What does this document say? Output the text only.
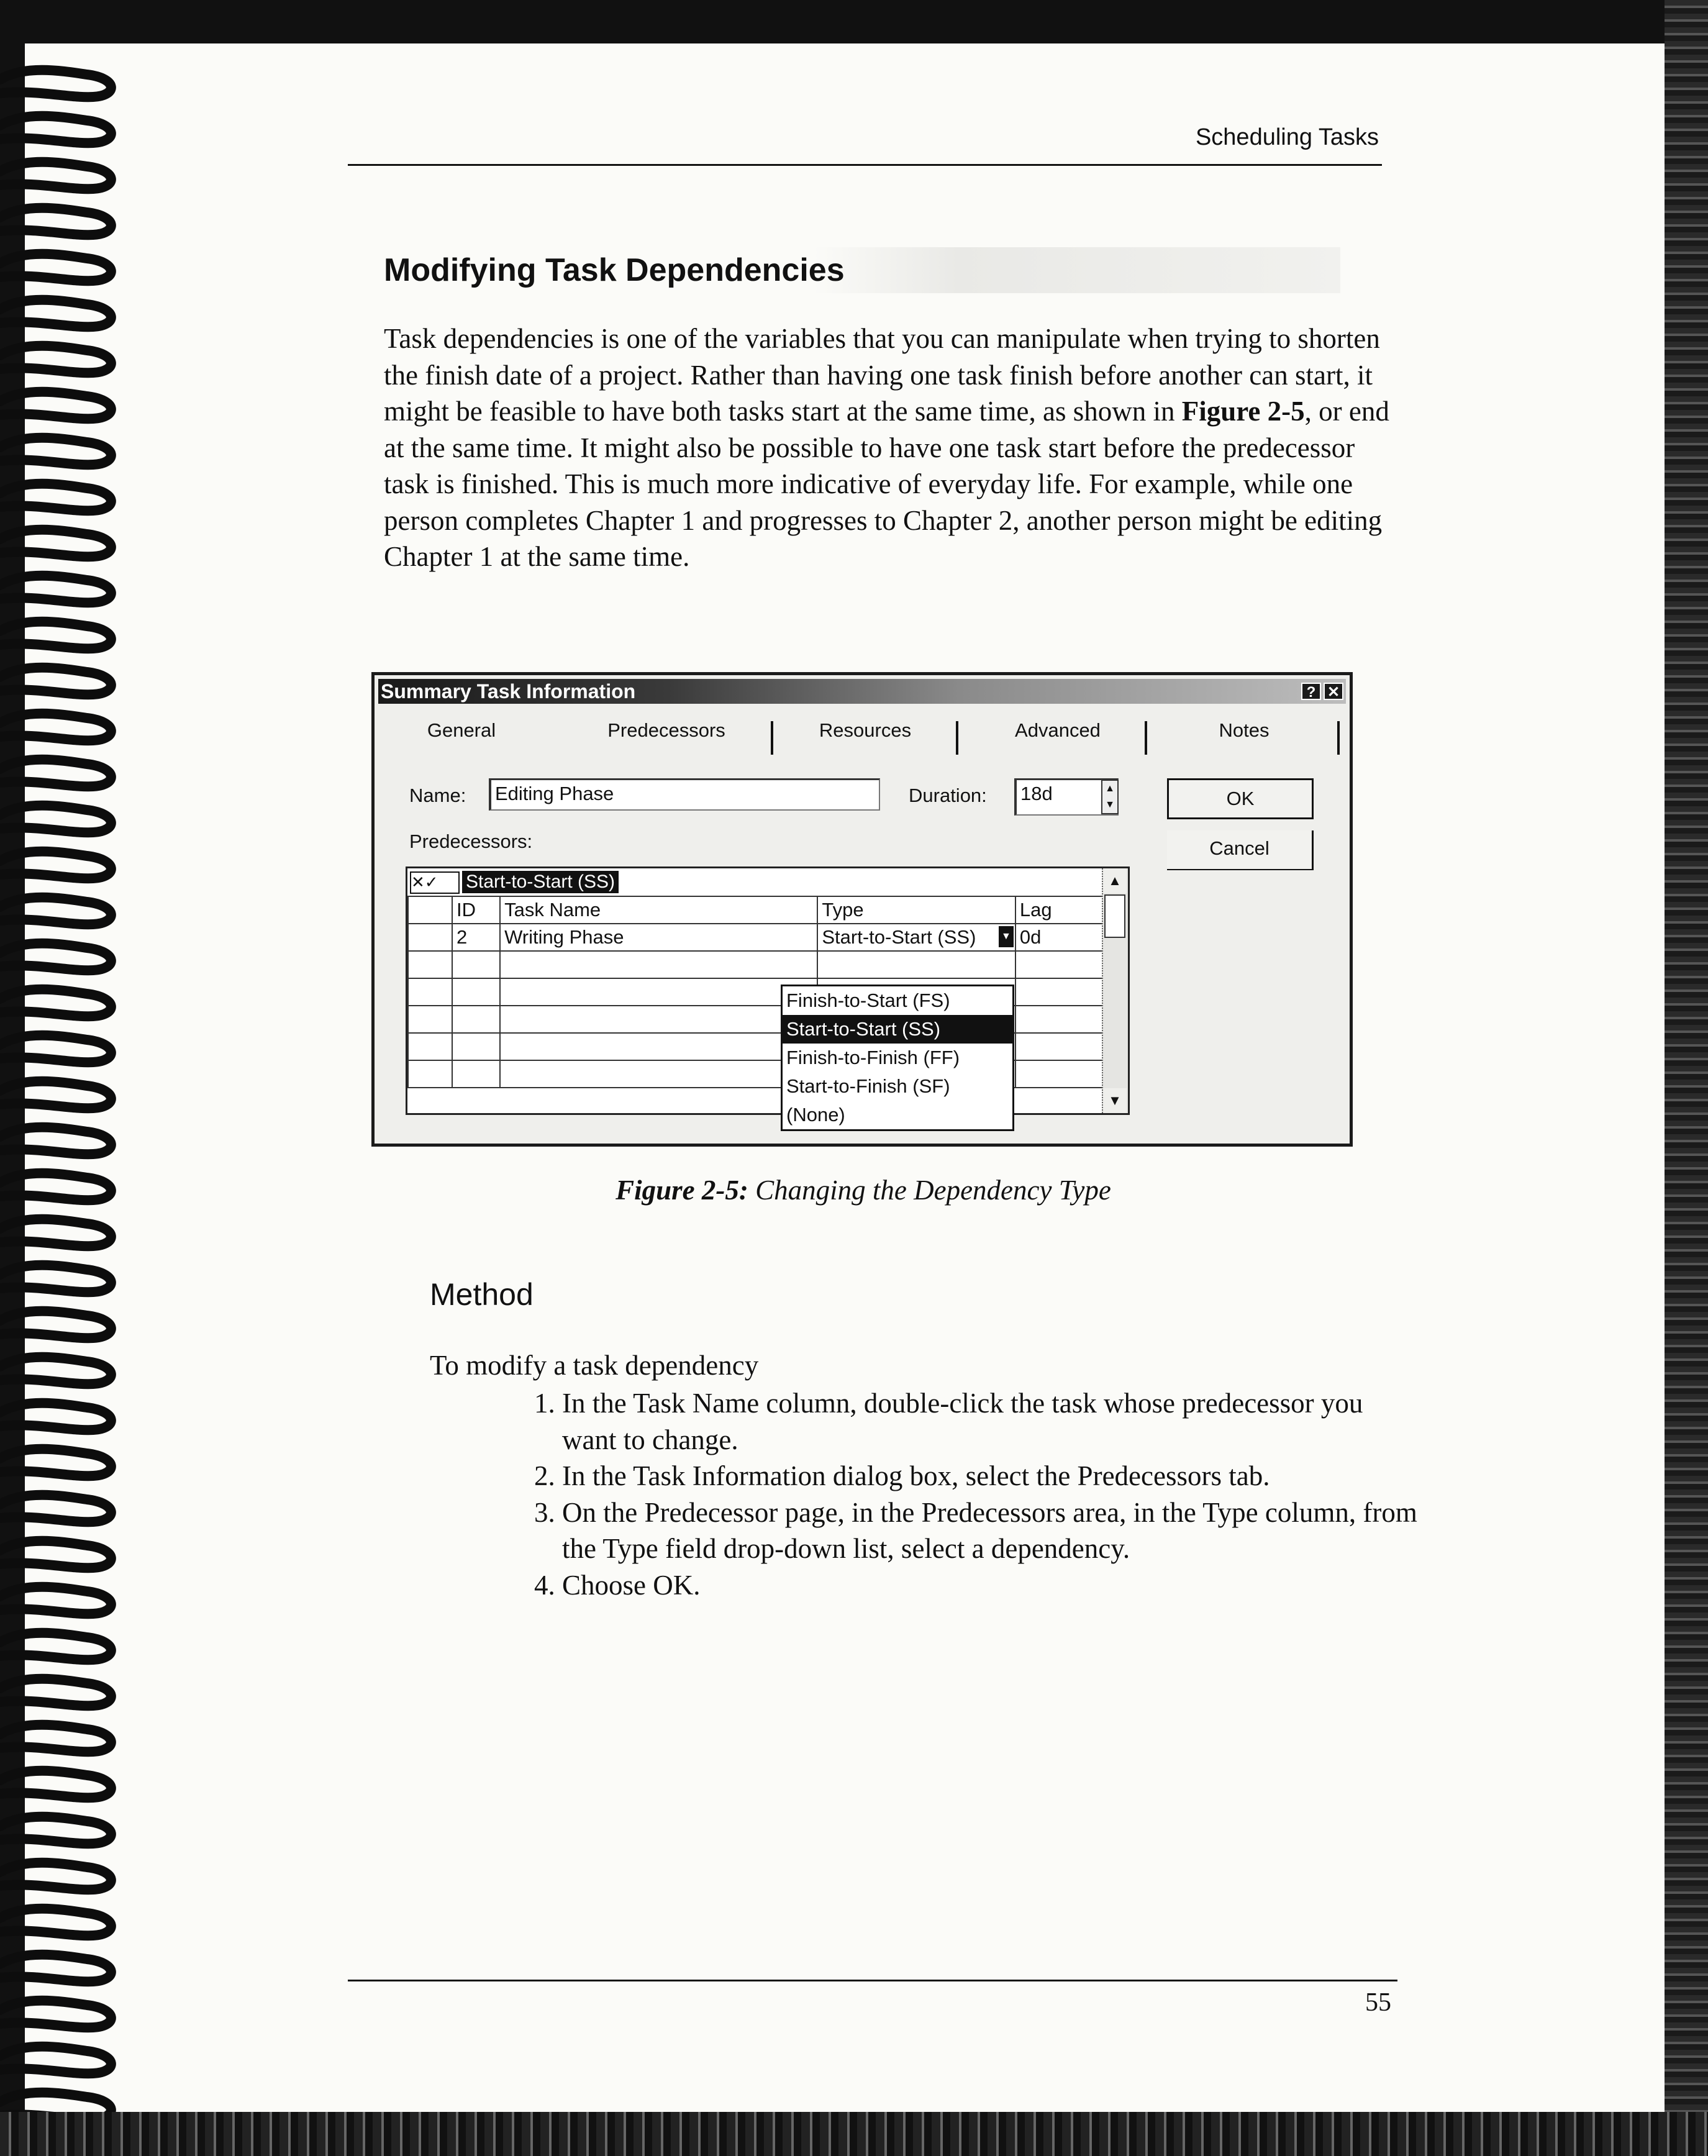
Scheduling Tasks
Modifying Task Dependencies

Task dependencies is one of the variables that you can manipulate when trying to shorten the finish date of a project. Rather than having one task finish before another can start, it might be feasible to have both tasks start at the same time, as shown in Figure 2-5, or end at the same time. It might also be possible to have one task start before the predecessor task is finished. This is much more indicative of everyday life. For example, while one person completes Chapter 1 and progresses to Chapter 2, another person might be editing Chapter 1 at the same time.

Summary Task Information	? ✕
General	Predecessors	Resources	Advanced	Notes
Name:	Editing Phase	Duration:	18d	▲
▼	OK
Cancel
Predecessors:
✕✓	Start-to-Start (SS)
	ID	Task Name	Type	Lag
	2	Writing Phase	Start-to-Start (SS) ▼	0d

▲
▼
Finish-to-Start (FS)
Start-to-Start (SS)
Finish-to-Finish (FF)
Start-to-Finish (SF)
(None)
Figure 2-5: Changing the Dependency Type
Method
To modify a task dependency
1. In the Task Name column, double-click the task whose predecessor you want to change.
2. In the Task Information dialog box, select the Predecessors tab.
3. On the Predecessor page, in the Predecessors area, in the Type column, from the Type field drop-down list, select a dependency.
4. Choose OK.
55
